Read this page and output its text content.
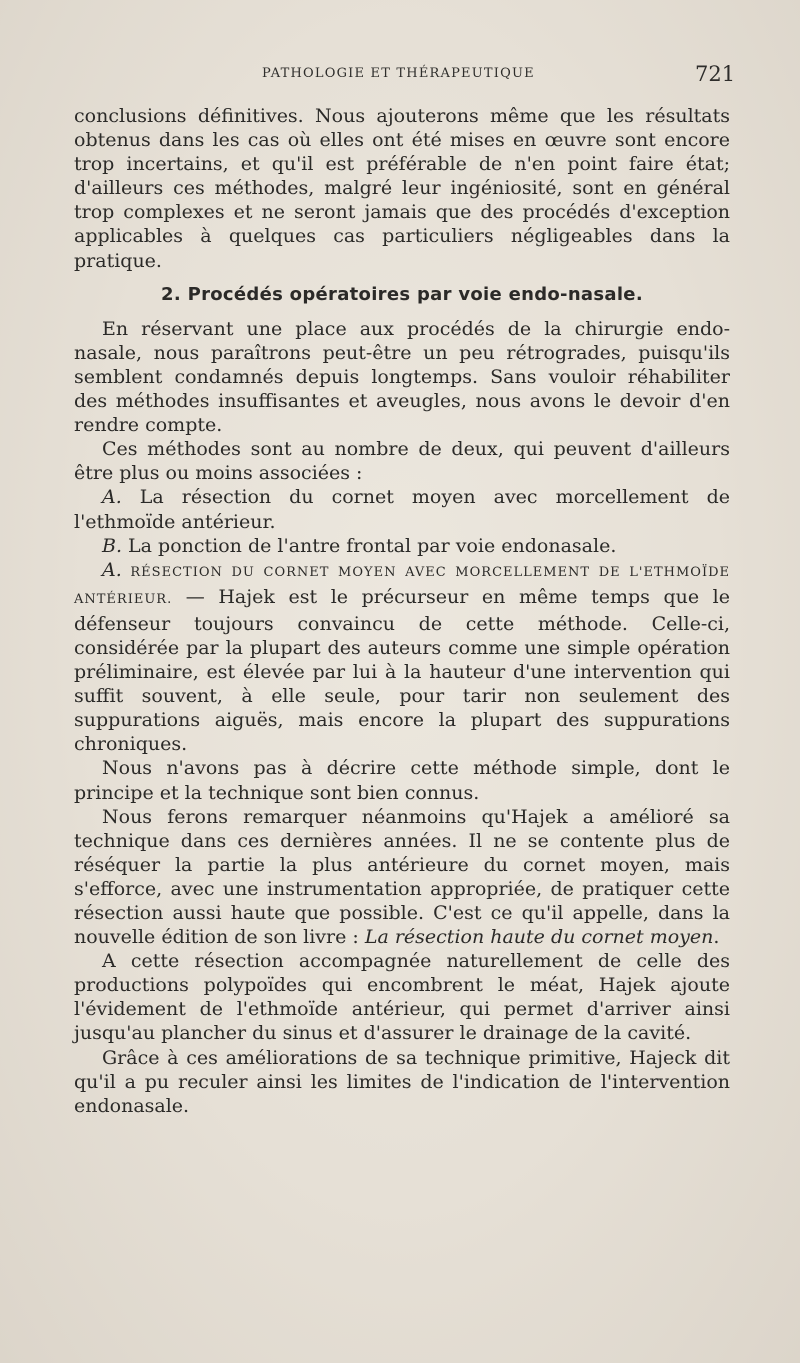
PATHOLOGIE ET THÉRAPEUTIQUE	721

conclusions définitives. Nous ajouterons même que les résultats obtenus dans les cas où elles ont été mises en œuvre sont encore trop incertains, et qu'il est préférable de n'en point faire état; d'ailleurs ces méthodes, malgré leur ingéniosité, sont en général trop complexes et ne seront jamais que des procédés d'exception applicables à quelques cas particuliers négligeables dans la pratique.

2. Procédés opératoires par voie endo-nasale.

En réservant une place aux procédés de la chirurgie endo-nasale, nous paraîtrons peut-être un peu rétrogrades, puisqu'ils semblent condamnés depuis longtemps. Sans vouloir réhabiliter des méthodes insuffisantes et aveugles, nous avons le devoir d'en rendre compte.

Ces méthodes sont au nombre de deux, qui peuvent d'ailleurs être plus ou moins associées :

A. La résection du cornet moyen avec morcellement de l'ethmoïde antérieur.

B. La ponction de l'antre frontal par voie endonasale.

A. RÉSECTION DU CORNET MOYEN AVEC MORCELLEMENT DE L'ETHMOÏDE ANTÉRIEUR. — Hajek est le précurseur en même temps que le défenseur toujours convaincu de cette méthode. Celle-ci, considérée par la plupart des auteurs comme une simple opération préliminaire, est élevée par lui à la hauteur d'une intervention qui suffit souvent, à elle seule, pour tarir non seulement des suppurations aiguës, mais encore la plupart des suppurations chroniques.

Nous n'avons pas à décrire cette méthode simple, dont le principe et la technique sont bien connus.

Nous ferons remarquer néanmoins qu'Hajek a amélioré sa technique dans ces dernières années. Il ne se contente plus de réséquer la partie la plus antérieure du cornet moyen, mais s'efforce, avec une instrumentation appropriée, de pratiquer cette résection aussi haute que possible. C'est ce qu'il appelle, dans la nouvelle édition de son livre : La résection haute du cornet moyen.

A cette résection accompagnée naturellement de celle des productions polypoïdes qui encombrent le méat, Hajek ajoute l'évidement de l'ethmoïde antérieur, qui permet d'arriver ainsi jusqu'au plancher du sinus et d'assurer le drainage de la cavité.

Grâce à ces améliorations de sa technique primitive, Hajeck dit qu'il a pu reculer ainsi les limites de l'indication de l'intervention endonasale.
